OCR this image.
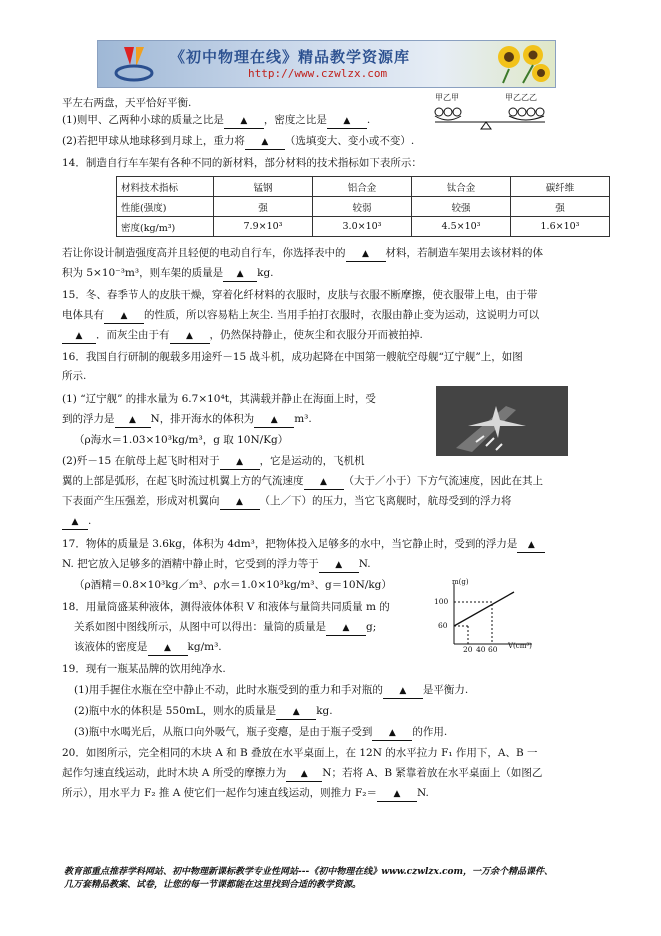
《初中物理在线》精品教学资源库
http://www.czwlzx.com
平左右两盘，天平恰好平衡.
(1)则甲、乙两种小球的质量之比是 ▲ ，密度之比是 ▲ .
(2)若把甲球从地球移到月球上，重力将 ▲ （选填变大、变小或不变）.
甲乙甲	甲乙乙乙
14．制造自行车车架有各种不同的新材料，部分材料的技术指标如下表所示：
材料技术指标	锰钢	铝合金	钛合金	碳纤维
性能(强度)	强	较弱	较强	强
密度(kg/m³)	7.9×10³	3.0×10³	4.5×10³	1.6×10³
若让你设计制造强度高并且轻便的电动自行车，你选择表中的 ▲ 材料，若制造车架用去该材料的体
积为 5×10⁻³m³，则车架的质量是 ▲ kg.
15．冬、春季节人的皮肤干燥，穿着化纤材料的衣服时，皮肤与衣服不断摩擦，使衣服带上电，由于带
电体具有 ▲ 的性质，所以容易粘上灰尘. 当用手拍打衣服时，衣服由静止变为运动，这说明力可以
▲ ．而灰尘由于有 ▲ ，仍然保持静止，使灰尘和衣服分开而被拍掉.
16．我国自行研制的舰载多用途歼－15 战斗机，成功起降在中国第一艘航空母舰“辽宁舰”上，如图
所示.
(1) “辽宁舰” 的排水量为 6.7×10⁴t，其满载并静止在海面上时，受
到的浮力是 ▲ N，排开海水的体积为 ▲ m³.
（ρ海水＝1.03×10³kg/m³，g 取 10N/Kg）
(2)歼－15 在航母上起飞时相对于 ▲ ，它是运动的，飞机机
翼的上部是弧形，在起飞时流过机翼上方的气流速度 ▲ （大于／小于）下方气流速度，因此在其上
下表面产生压强差，形成对机翼向 ▲ （上／下）的压力，当它飞离舰时，航母受到的浮力将
▲ .
17．物体的质量是 3.6kg，体积为 4dm³，把物体投入足够多的水中，当它静止时，受到的浮力是 ▲
N. 把它放入足够多的酒精中静止时，它受到的浮力等于 ▲ N.
（ρ酒精＝0.8×10³kg／m³、ρ水＝1.0×10³kg/m³、g＝10N/kg）
18．用量筒盛某种液体，测得液体体积 V 和液体与量筒共同质量 m 的
关系如图中图线所示，从图中可以得出：量筒的质量是 ▲ g;
该液体的密度是 ▲ kg/m³.
m(g)
V(cm³)
100
60
20 40 60
19．现有一瓶某品牌的饮用纯净水.
(1)用手握住水瓶在空中静止不动，此时水瓶受到的重力和手对瓶的 ▲ 是平衡力.
(2)瓶中水的体积是 550mL，则水的质量是 ▲ kg.
(3)瓶中水喝光后，从瓶口向外吸气，瓶子变瘪，是由于瓶子受到 ▲ 的作用.
20．如图所示，完全相同的木块 A 和 B 叠放在水平桌面上，在 12N 的水平拉力 F₁ 作用下，A、B 一
起作匀速直线运动，此时木块 A 所受的摩擦力为 ▲ N；若将 A、B 紧靠着放在水平桌面上（如图乙
所示），用水平力 F₂ 推 A 使它们一起作匀速直线运动，则推力 F₂＝ ▲ N.
教育部重点推荐学科网站、初中物理新课标教学专业性网站---《初中物理在线》www.czwlzx.com，一万余个精品课件、
几万套精品教案、试卷，让您的每一节课都能在这里找到合适的教学资源。
